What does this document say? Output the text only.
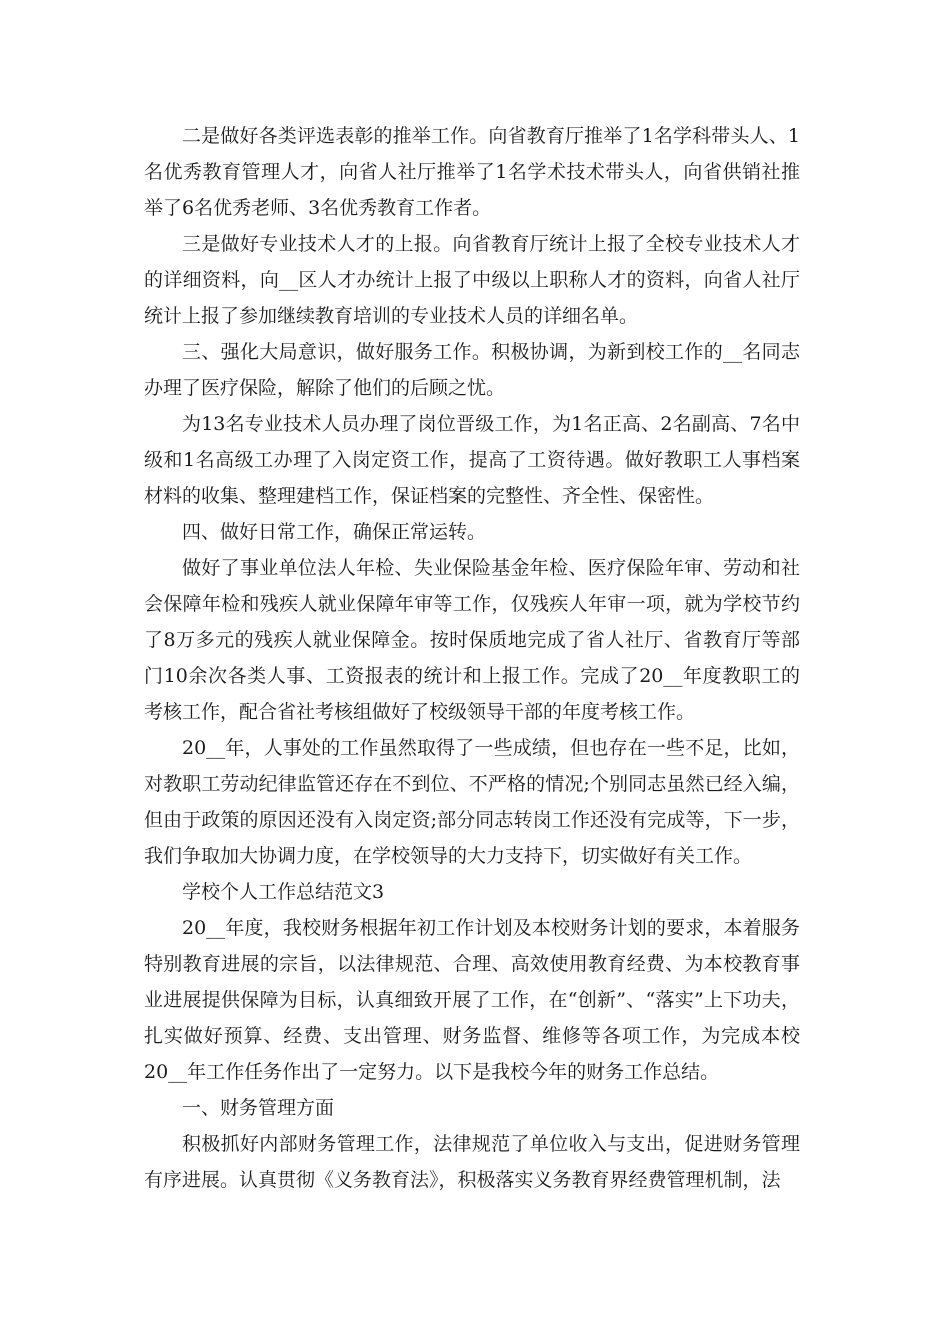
二是做好各类评选表彰的推举工作。向省教育厅推举了1名学科带头人、1名优秀教育管理人才，向省人社厅推举了1名学术技术带头人，向省供销社推举了6名优秀老师、3名优秀教育工作者。

三是做好专业技术人才的上报。向省教育厅统计上报了全校专业技术人才的详细资料，向__区人才办统计上报了中级以上职称人才的资料，向省人社厅统计上报了参加继续教育培训的专业技术人员的详细名单。

三、强化大局意识，做好服务工作。积极协调，为新到校工作的__名同志办理了医疗保险，解除了他们的后顾之忧。

为13名专业技术人员办理了岗位晋级工作，为1名正高、2名副高、7名中级和1名高级工办理了入岗定资工作，提高了工资待遇。做好教职工人事档案材料的收集、整理建档工作，保证档案的完整性、齐全性、保密性。

四、做好日常工作，确保正常运转。

做好了事业单位法人年检、失业保险基金年检、医疗保险年审、劳动和社会保障年检和残疾人就业保障年审等工作，仅残疾人年审一项，就为学校节约了8万多元的残疾人就业保障金。按时保质地完成了省人社厅、省教育厅等部门10余次各类人事、工资报表的统计和上报工作。完成了20__年度教职工的考核工作，配合省社考核组做好了校级领导干部的年度考核工作。

20__年，人事处的工作虽然取得了一些成绩，但也存在一些不足，比如，对教职工劳动纪律监管还存在不到位、不严格的情况;个别同志虽然已经入编，但由于政策的原因还没有入岗定资;部分同志转岗工作还没有完成等，下一步，我们争取加大协调力度，在学校领导的大力支持下，切实做好有关工作。

学校个人工作总结范文3

20__年度，我校财务根据年初工作计划及本校财务计划的要求，本着服务特别教育进展的宗旨，以法律规范、合理、高效使用教育经费、为本校教育事业进展提供保障为目标，认真细致开展了工作，在“创新”、“落实”上下功夫，扎实做好预算、经费、支出管理、财务监督、维修等各项工作，为完成本校20__年工作任务作出了一定努力。以下是我校今年的财务工作总结。

一、财务管理方面

积极抓好内部财务管理工作，法律规范了单位收入与支出，促进财务管理有序进展。认真贯彻《义务教育法》，积极落实义务教育界经费管理机制，法
